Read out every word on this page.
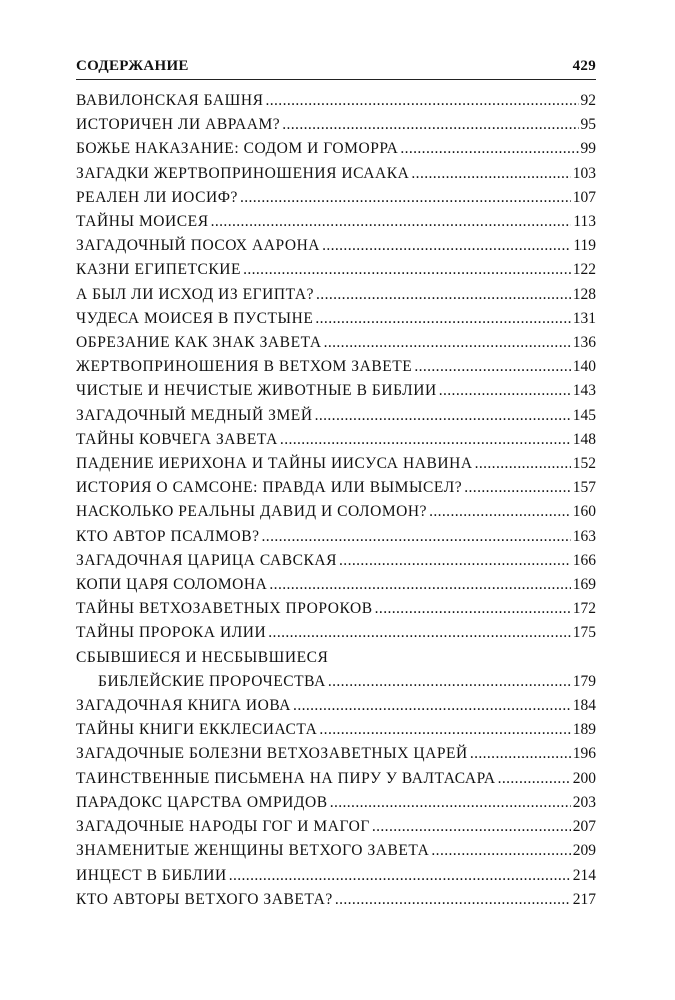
СОДЕРЖАНИЕ	429
ВАВИЛОНСКАЯ БАШНЯ .....	92
ИСТОРИЧЕН ЛИ АВРААМ? .....	95
БОЖЬЕ НАКАЗАНИЕ: СОДОМ И ГОМОРРА .....	99
ЗАГАДКИ ЖЕРТВОПРИНОШЕНИЯ ИСААКА .....	103
РЕАЛЕН ЛИ ИОСИФ? .....	107
ТАЙНЫ МОИСЕЯ .....	113
ЗАГАДОЧНЫЙ ПОСОХ ААРОНА .....	119
КАЗНИ ЕГИПЕТСКИЕ .....	122
А БЫЛ ЛИ ИСХОД ИЗ ЕГИПТА? .....	128
ЧУДЕСА МОИСЕЯ В ПУСТЫНЕ .....	131
ОБРЕЗАНИЕ КАК ЗНАК ЗАВЕТА .....	136
ЖЕРТВОПРИНОШЕНИЯ В ВЕТХОМ ЗАВЕТЕ .....	140
ЧИСТЫЕ И НЕЧИСТЫЕ ЖИВОТНЫЕ В БИБЛИИ .....	143
ЗАГАДОЧНЫЙ МЕДНЫЙ ЗМЕЙ .....	145
ТАЙНЫ КОВЧЕГА ЗАВЕТА .....	148
ПАДЕНИЕ ИЕРИХОНА И ТАЙНЫ ИИСУСА НАВИНА .....	152
ИСТОРИЯ О САМСОНЕ: ПРАВДА ИЛИ ВЫМЫСЕЛ? .....	157
НАСКОЛЬКО РЕАЛЬНЫ ДАВИД И СОЛОМОН? .....	160
КТО АВТОР ПСАЛМОВ? .....	163
ЗАГАДОЧНАЯ ЦАРИЦА САВСКАЯ .....	166
КОПИ ЦАРЯ СОЛОМОНА .....	169
ТАЙНЫ ВЕТХОЗАВЕТНЫХ ПРОРОКОВ .....	172
ТАЙНЫ ПРОРОКА ИЛИИ .....	175
СБЫВШИЕСЯ И НЕСБЫВШИЕСЯ
БИБЛЕЙСКИЕ ПРОРОЧЕСТВА .....	179
ЗАГАДОЧНАЯ КНИГА ИОВА .....	184
ТАЙНЫ КНИГИ ЕККЛЕСИАСТА .....	189
ЗАГАДОЧНЫЕ БОЛЕЗНИ ВЕТХОЗАВЕТНЫХ ЦАРЕЙ .....	196
ТАИНСТВЕННЫЕ ПИСЬМЕНА НА ПИРУ У ВАЛТАСАРА .....	200
ПАРАДОКС ЦАРСТВА ОМРИДОВ .....	203
ЗАГАДОЧНЫЕ НАРОДЫ ГОГ И МАГОГ .....	207
ЗНАМЕНИТЫЕ ЖЕНЩИНЫ ВЕТХОГО ЗАВЕТА .....	209
ИНЦЕСТ В БИБЛИИ .....	214
КТО АВТОРЫ ВЕТХОГО ЗАВЕТА? .....	217
